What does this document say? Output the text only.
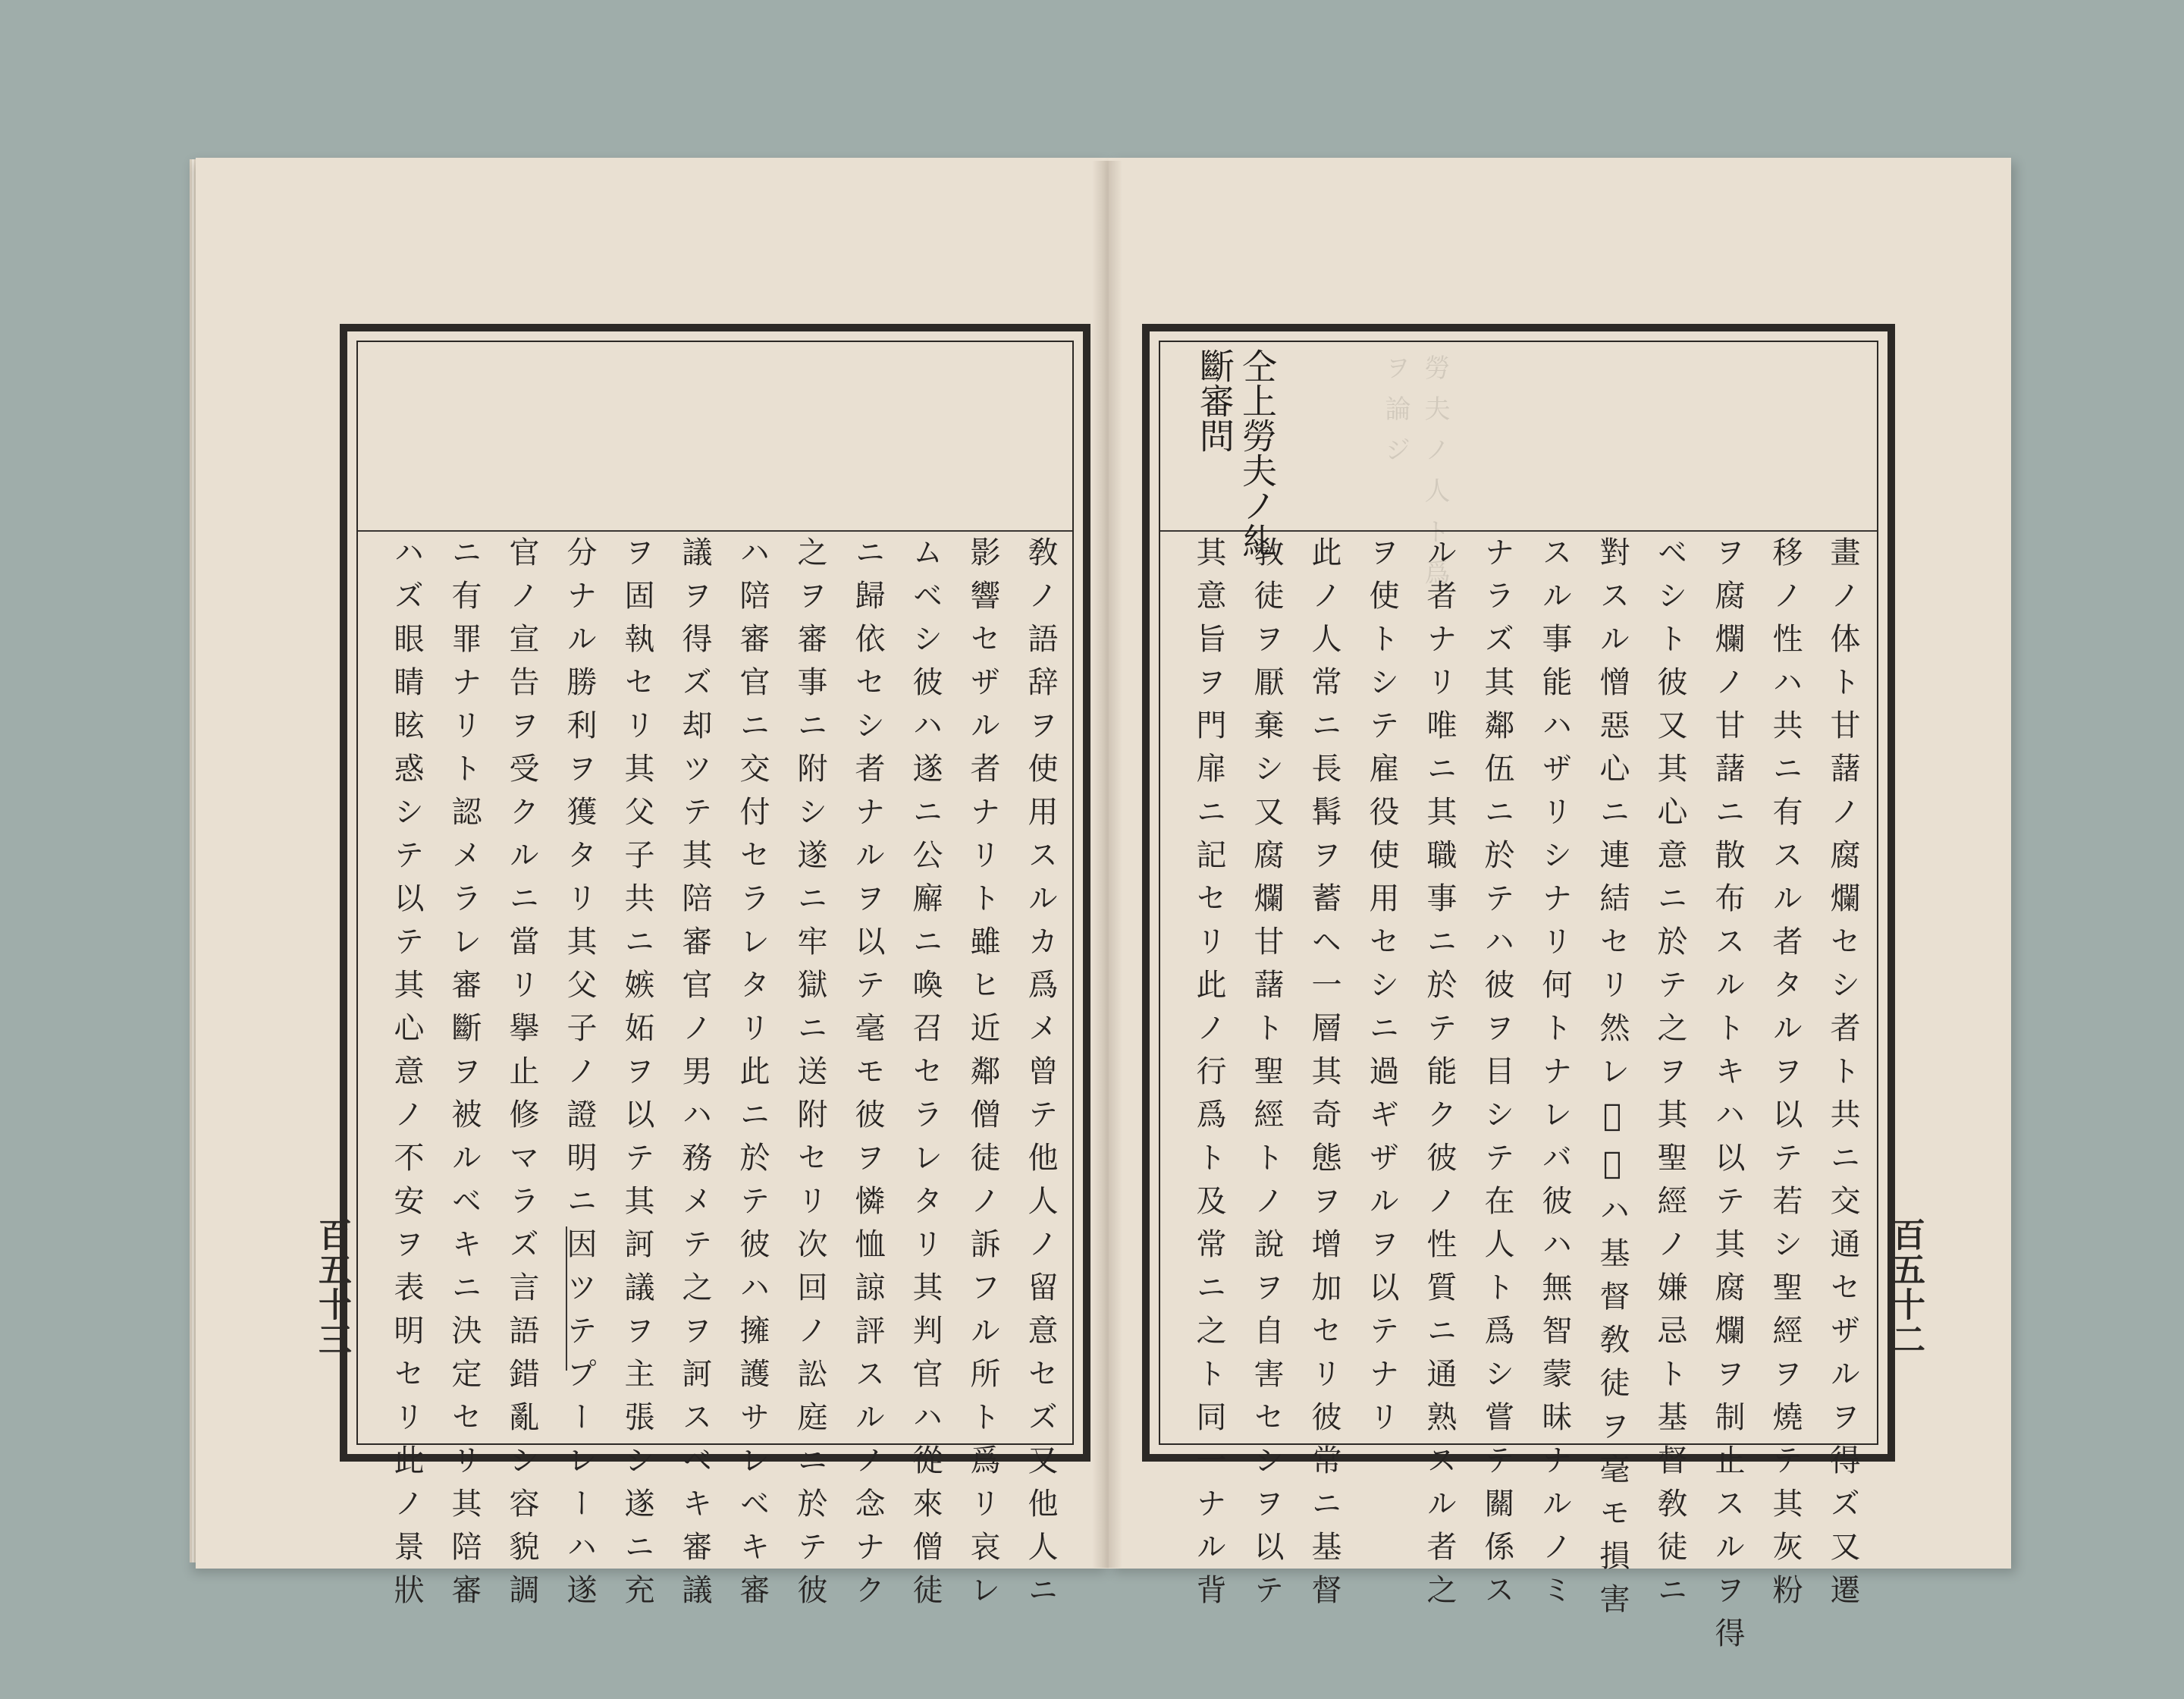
ハズ眼睛眩惑シテ以テ其心意ノ不安ヲ表明セリ此ノ景狀 ニ有罪ナリト認メラレ審斷ヲ被ルベキニ決定セリ其陪審 官ノ宣告ヲ受クルニ當リ擧止修マラズ言語錯亂シ容貌調 分ナル勝利ヲ獲タリ其父子ノ證明ニ因ツテプーレーハ遂 ヲ固執セリ其父子共ニ嫉妬ヲ以テ其訶議ヲ主張シ遂ニ充 議ヲ得ズ却ツテ其陪審官ノ男ハ務メテ之ヲ訶スベキ審議 ハ陪審官ニ交付セラレタリ此ニ於テ彼ハ擁護サレベキ審 之ヲ審事ニ附シ遂ニ牢獄ニ送附セリ次回ノ訟庭ニ於テ彼 ニ歸依セシ者ナルヲ以テ毫モ彼ヲ憐恤諒評スルノ念ナク ムベシ彼ハ遂ニ公廨ニ喚召セラレタリ其判官ハ從來僧徒 影響セザル者ナリト雖ヒ近鄰僧徒ノ訴フル所ト爲リ哀レ 敎ノ語辞ヲ使用スルカ爲メ曾テ他人ノ留意セズ又他人ニ
百五十三
斷審問 仝上勞夫ノ糺	勞夫ノ人ト爲
ヲ論ジ
其意旨ヲ門扉ニ記セリ此ノ行爲ト及常ニ之ト同一ナル背 敎徒ヲ厭棄シ又腐爛甘藷ト聖經トノ說ヲ自害セシヲ以テ 此ノ人常ニ長髯ヲ蓄ヘ一層其奇態ヲ增加セリ彼常ニ基督 ヲ使トシテ雇役使用セシニ過ギザルヲ以テナリ ル者ナリ唯ニ其職事ニ於テ能ク彼ノ性質ニ通熟スル者之 ナラズ其鄰伍ニ於テハ彼ヲ目シテ在人ト爲シ嘗テ關係ス スル事能ハザリシナリ何トナレバ彼ハ無智蒙昧ナルノミ 對スル憎惡心ニ連結セリ然レ𪜈彼ハ基督敎徒ヲ毫モ損害 ベシト彼又其心意ニ於テ之ヲ其聖經ノ嫌忌ト基督敎徒ニ ヲ腐爛ノ甘藷ニ散布スルトキハ以テ其腐爛ヲ制止スルヲ得 移ノ性ハ共ニ有スル者タルヲ以テ若シ聖經ヲ燒テ其灰粉 畫ノ体ト甘藷ノ腐爛セシ者ト共ニ交通セザルヲ得ズ又遷 百五十二
